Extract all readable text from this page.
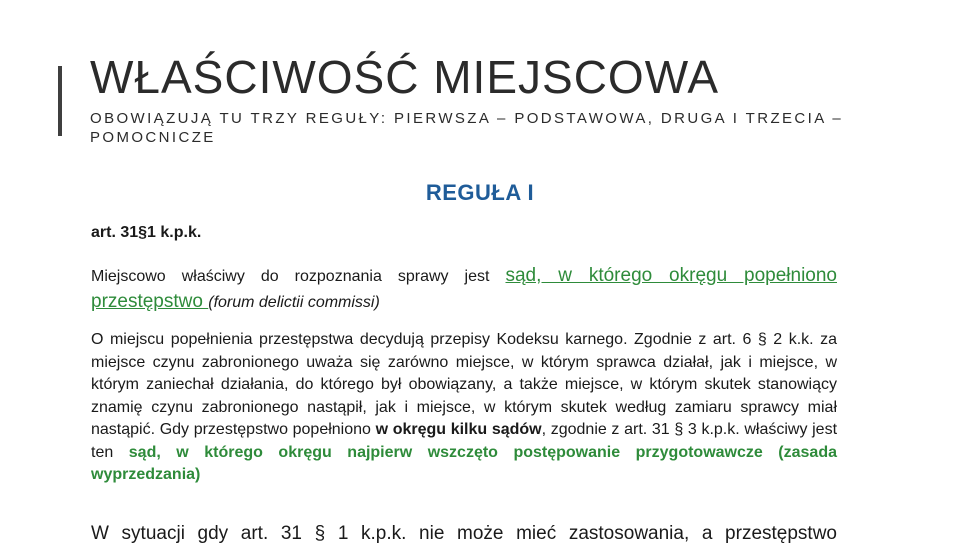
WŁAŚCIWOŚĆ MIEJSCOWA
OBOWIĄZUJĄ TU TRZY REGUŁY: PIERWSZA – PODSTAWOWA, DRUGA I TRZECIA – POMOCNICZE
REGUŁA I
art. 31§1 k.p.k.
Miejscowo właściwy do rozpoznania sprawy jest sąd, w którego okręgu popełniono przestępstwo (forum delictii commissi)
O miejscu popełnienia przestępstwa decydują przepisy Kodeksu karnego. Zgodnie z art. 6 § 2 k.k. za miejsce czynu zabronionego uważa się zarówno miejsce, w którym sprawca działał, jak i miejsce, w którym zaniechał działania, do którego był obowiązany, a także miejsce, w którym skutek stanowiący znamię czynu zabronionego nastąpił, jak i miejsce, w którym skutek według zamiaru sprawcy miał nastąpić. Gdy przestępstwo popełniono w okręgu kilku sądów, zgodnie z art. 31 § 3 k.p.k. właściwy jest ten sąd, w którego okręgu najpierw wszczęto postępowanie przygotowawcze (zasada wyprzedzania)
W sytuacji gdy art. 31 § 1 k.p.k. nie może mieć zastosowania, a przestępstwo
